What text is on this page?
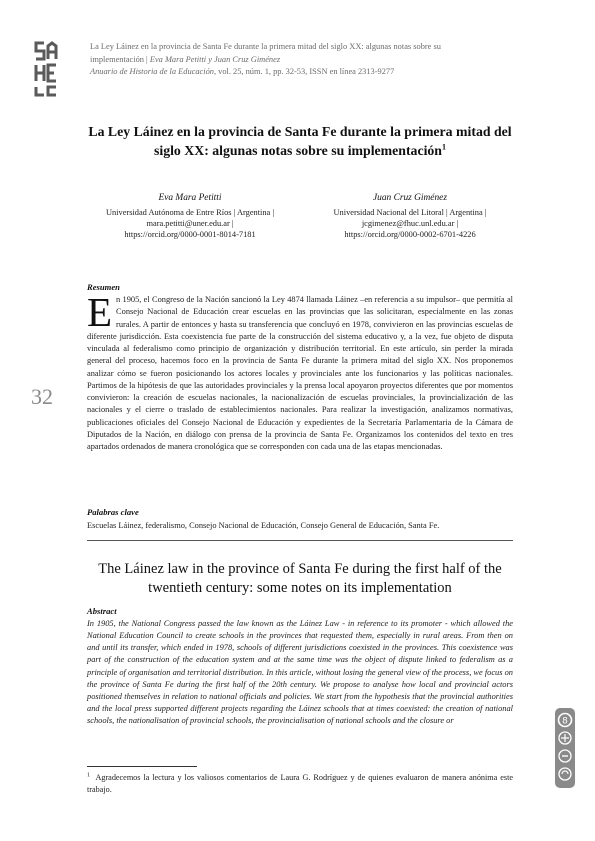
La Ley Láinez en la provincia de Santa Fe durante la primera mitad del siglo XX: algunas notas sobre su
implementación | Eva Mara Petitti y Juan Cruz Giménez
Anuario de Historia de la Educación, vol. 25, núm. 1, pp. 32-53, ISSN en línea 2313-9277
La Ley Láinez en la provincia de Santa Fe durante la primera mitad del siglo XX: algunas notas sobre su implementación$^1$
Eva Mara Petitti
Universidad Autónoma de Entre Ríos | Argentina |
mara.petitti@uner.edu.ar |
https://orcid.org/0000-0001-8014-7181
Juan Cruz Giménez
Universidad Nacional del Litoral | Argentina |
jcgimenez@fhuc.unl.edu.ar |
https://orcid.org/0000-0002-6701-4226
Resumen
En 1905, el Congreso de la Nación sancionó la Ley 4874 llamada Láinez –en referencia a su impulsor– que permitía al Consejo Nacional de Educación crear escuelas en las provincias que las solicitaran, especialmente en las zonas rurales. A partir de entonces y hasta su transferencia que concluyó en 1978, convivieron en las provincias escuelas de diferente jurisdicción. Esta coexistencia fue parte de la construcción del sistema educativo y, a la vez, fue objeto de disputa vinculada al federalismo como principio de organización y distribución territorial. En este artículo, sin perder la mirada general del proceso, hacemos foco en la provincia de Santa Fe durante la primera mitad del siglo XX. Nos proponemos analizar cómo se fueron posicionando los actores locales y provinciales ante los funcionarios y las políticas nacionales. Partimos de la hipótesis de que las autoridades provinciales y la prensa local apoyaron proyectos diferentes que por momentos convivieron: la creación de escuelas nacionales, la nacionalización de escuelas provinciales, la provincialización de las nacionales y el cierre o traslado de establecimientos nacionales. Para realizar la investigación, analizamos normativas, publicaciones oficiales del Consejo Nacional de Educación y expedientes de la Secretaría Parlamentaria de la Cámara de Diputados de la Nación, en diálogo con prensa de la provincia de Santa Fe. Organizamos los contenidos del texto en tres apartados ordenados de manera cronológica que se corresponden con cada una de las etapas mencionadas.
32
Palabras clave
Escuelas Láinez, federalismo, Consejo Nacional de Educación, Consejo General de Educación, Santa Fe.
The Láinez law in the province of Santa Fe during the first half of the twentieth century: some notes on its implementation
Abstract
In 1905, the National Congress passed the law known as the Láinez Law - in reference to its promoter - which allowed the National Education Council to create schools in the provinces that requested them, especially in rural areas. From then on and until its transfer, which ended in 1978, schools of different jurisdictions coexisted in the provinces. This coexistence was part of the construction of the education system and at the same time was the object of dispute linked to federalism as a principle of organisation and territorial distribution. In this article, without losing the general view of the process, we focus on the province of Santa Fe during the first half of the 20th century. We propose to analyse how local and provincial actors positioned themselves in relation to national officials and policies. We start from the hypothesis that the provincial authorities and the local press supported different projects regarding the Láinez schools that at times coexisted: the creation of national schools, the nationalisation of provincial schools, the provincialisation of national schools and the closure or
$^1$ Agradecemos la lectura y los valiosos comentarios de Laura G. Rodríguez y de quienes evaluaron de manera anónima este trabajo.
8
